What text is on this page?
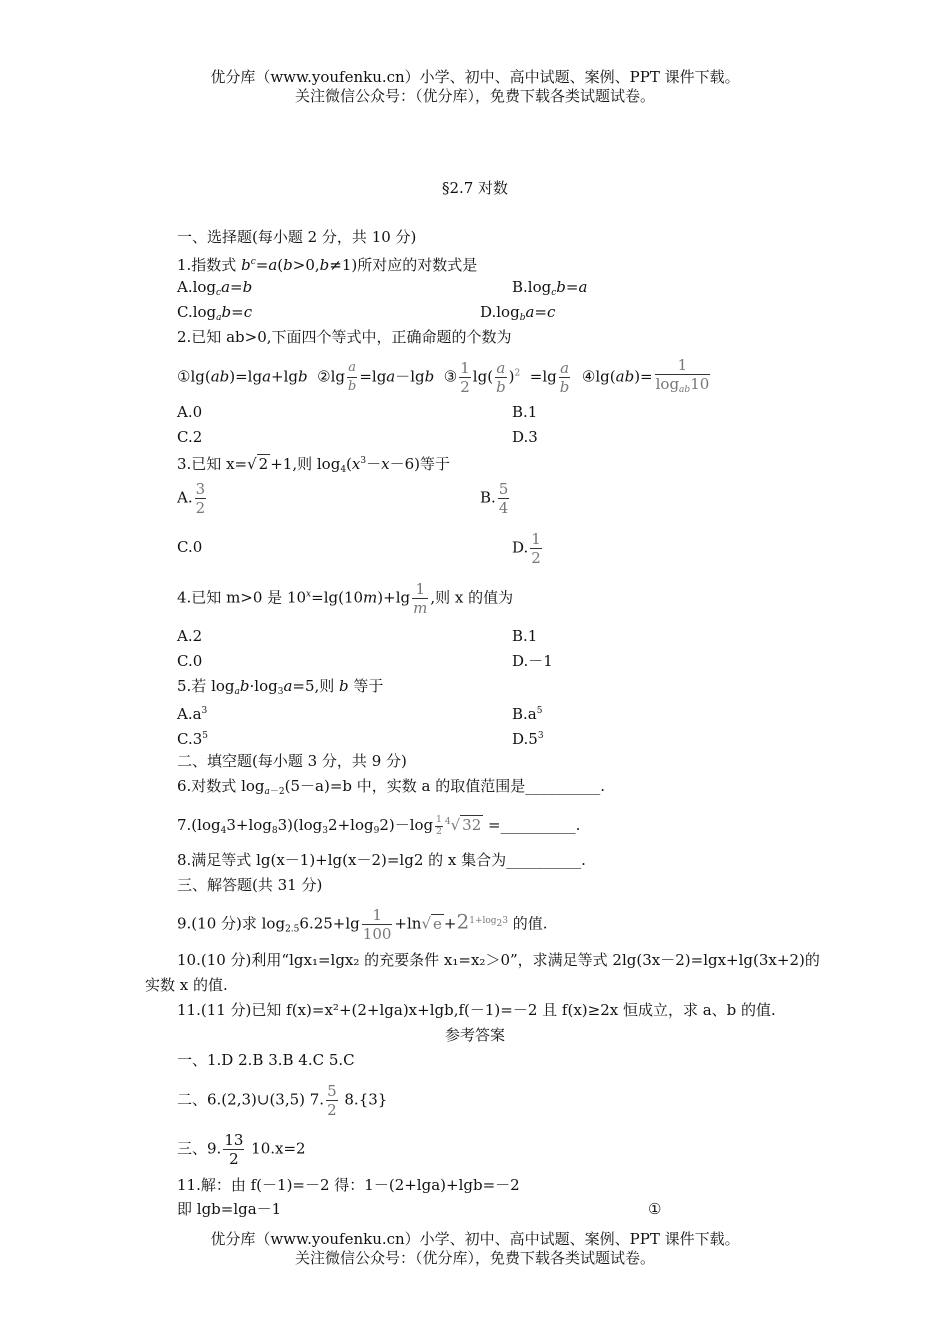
优分库（www.youfenku.cn）小学、初中、高中试题、案例、PPT 课件下载。
关注微信公众号：（优分库），免费下载各类试题试卷。
§2.7 对数
一、选择题(每小题 2 分，共 10 分)
1.指数式 $b^c=a(b>0,b\ne 1)$所对应的对数式是
$A.\log_ca=b$	$B.\log_cb=a$
$C.\log_ab=c$	$D.\log_ba=c$
2.已知 ab>0,下面四个等式中，正确命题的个数为
①lg(ab)=lga+lgb  ②lg $\frac{a}{b} =\lg a-\lg b$  ③ $\frac{1}{2} \lg( \frac{a}{b} )^2 =\lg \frac{a}{b}$ ④lg(ab)= $\frac{1}{\log_{ab}10}$
A.0	B.1
C.2	D.3
3.已知 x=√ 2 +1,则 $\log_4(x^3-x-6)$等于
A. $\frac{3}{2}$	B. $\frac{5}{4}$
C.0	D. $\frac{1}{2}$
4.已知 m>0 是 $10^x=\lg(10m)+\lg \frac{1}{m}$ ,则 x 的值为
A.2	B.1
C.0	D.－1
5.若 $\log_ab\cdot\log_3a=5$,则 b 等于
$A.a^3$	$B.a^5$
$C.3^5$	$D.5^3$
二、填空题(每小题 3 分，共 9 分)
6.对数式 $\log_{a-2}(5-a)=b$ 中，实数 a 的取值范围是__________.
$7.(\log_43+\log_83)(\log_32+\log_92)-\log \frac{1}{2} ^4√$ 32 =__________.
8.满足等式 lg(x－1)+lg(x－2)=lg2 的 x 集合为__________.
三、解答题(共 31 分)
9.(10 分)求 $\log_{2.5}6.25+\lg \frac{1}{100} +\ln√$ $e +2^{1+log_23}$ 的值.
10.(10 分)利用“lgx₁=lgx₂ 的充要条件 x₁=x₂＞0”，求满足等式 2lg(3x－2)=lgx+lg(3x+2)的
实数 x 的值.
11.(11 分)已知 f(x)=x²+(2+lga)x+lgb,f(－1)=－2 且 f(x)≥2x 恒成立，求 a、b 的值.
参考答案
一、1.D 2.B 3.B 4.C 5.C
二、6.(2,3)∪(3,5) 7. $\frac{5}{2} 8.\{3\}$
三、9. $\frac{13}{2} 10.x=2$
11.解：由 f(－1)=－2 得：1－(2+lga)+lgb=－2
即 lgb=lga－1	①
优分库（www.youfenku.cn）小学、初中、高中试题、案例、PPT 课件下载。
关注微信公众号：（优分库），免费下载各类试题试卷。
